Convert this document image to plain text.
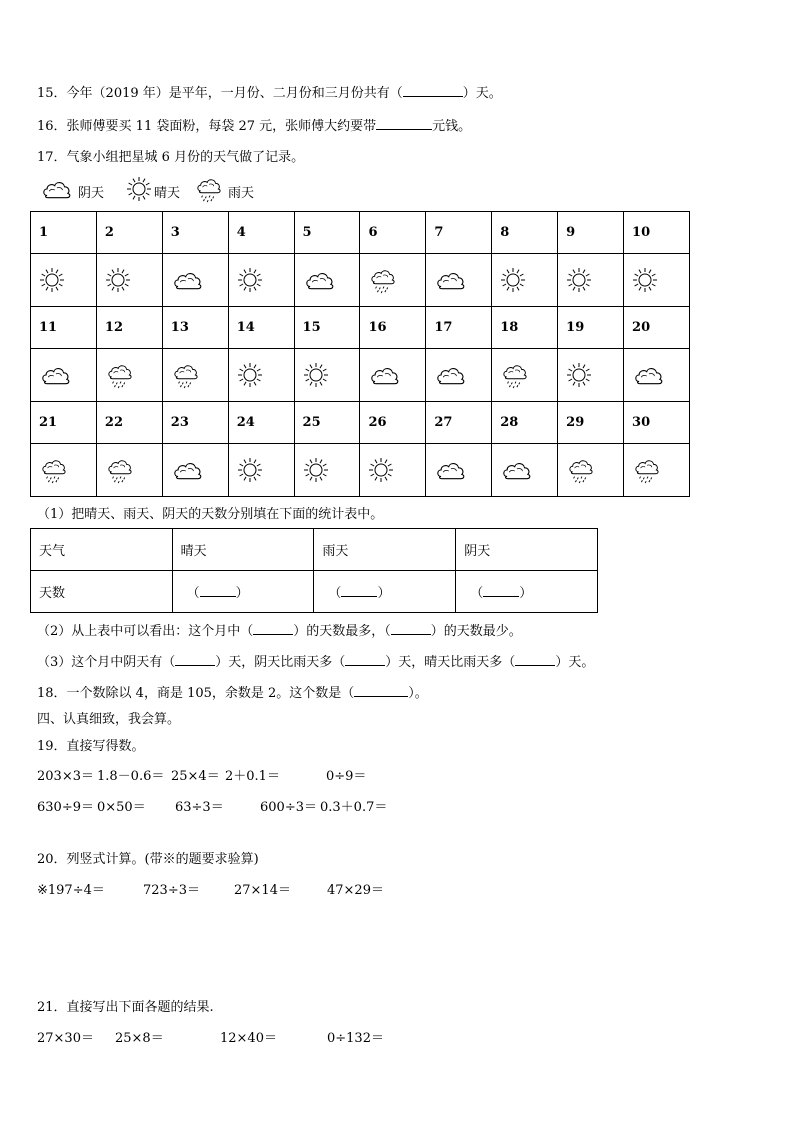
15．今年（2019 年）是平年，一月份、二月份和三月份共有（	）天。
16．张师傅要买 11 袋面粉，每袋 27 元，张师傅大约要带	元钱。
17．气象小组把星城 6 月份的天气做了记录。
阴天	晴天	雨天
1	2	3	4	5	6	7	8	9	10

11	12	13	14	15	16	17	18	19	20

21	22	23	24	25	26	27	28	29	30

（1）把晴天、雨天、阴天的天数分别填在下面的统计表中。
天气	晴天	雨天	阴天
天数	（ ）	（ ）	（ ）
（2）从上表中可以看出：这个月中（	）的天数最多，（	）的天数最少。
（3）这个月中阴天有（	）天，阴天比雨天多（	）天，晴天比雨天多（	）天。
18．一个数除以 4，商是 105，余数是 2。这个数是（	）。
四、认真细致，我会算。
19．直接写得数。
203×3＝ 1.8－0.6＝ 25×4＝ 2＋0.1＝	0÷9＝
630÷9＝ 0×50＝ 63÷3＝	600÷3＝ 0.3＋0.7＝
20．列竖式计算。(带※的题要求验算)
※197÷4＝	723÷3＝	27×14＝	47×29＝
21．直接写出下面各题的结果.
27×30＝ 25×8＝	12×40＝	0÷132＝
